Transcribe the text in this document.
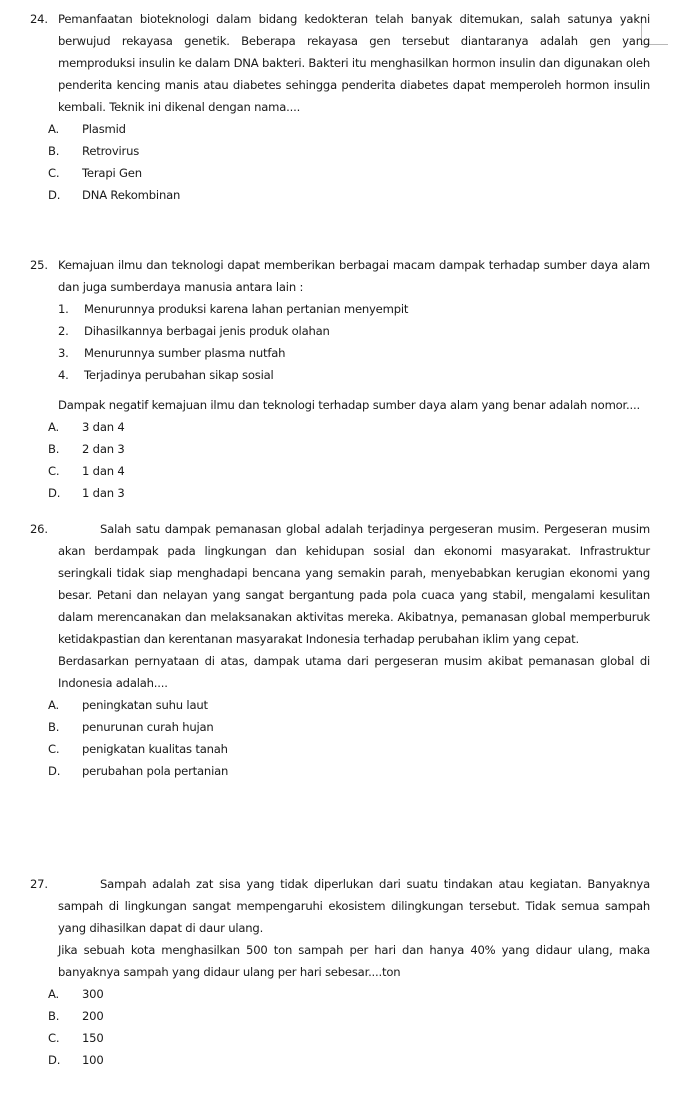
24. Pemanfaatan bioteknologi dalam bidang kedokteran telah banyak ditemukan, salah satunya yakni berwujud rekayasa genetik. Beberapa rekayasa gen tersebut diantaranya adalah gen yang memproduksi insulin ke dalam DNA bakteri. Bakteri itu menghasilkan hormon insulin dan digunakan oleh penderita kencing manis atau diabetes sehingga penderita diabetes dapat memperoleh hormon insulin kembali. Teknik ini dikenal dengan nama....
A.	Plasmid
B.	Retrovirus
C.	Terapi Gen
D.	DNA Rekombinan
25. Kemajuan ilmu dan teknologi dapat memberikan berbagai macam dampak terhadap sumber daya alam dan juga sumberdaya manusia antara lain :
1.	Menurunnya produksi karena lahan pertanian menyempit
2.	Dihasilkannya berbagai jenis produk olahan
3.	Menurunnya sumber plasma nutfah
4.	Terjadinya perubahan sikap sosial
Dampak negatif kemajuan ilmu dan teknologi terhadap sumber daya alam yang benar adalah nomor....
A.	3 dan 4
B.	2 dan 3
C.	1 dan 4
D.	1 dan 3
26.	Salah satu dampak pemanasan global adalah terjadinya pergeseran musim. Pergeseran musim akan berdampak pada lingkungan dan kehidupan sosial dan ekonomi masyarakat. Infrastruktur seringkali tidak siap menghadapi bencana yang semakin parah, menyebabkan kerugian ekonomi yang besar. Petani dan nelayan yang sangat bergantung pada pola cuaca yang stabil, mengalami kesulitan dalam merencanakan dan melaksanakan aktivitas mereka. Akibatnya, pemanasan global memperburuk ketidakpastian dan kerentanan masyarakat Indonesia terhadap perubahan iklim yang cepat.
Berdasarkan pernyataan di atas, dampak utama dari pergeseran musim akibat pemanasan global di Indonesia adalah....
A.	peningkatan suhu laut
B.	penurunan curah hujan
C.	penigkatan kualitas tanah
D.	perubahan pola pertanian
27.	Sampah adalah zat sisa yang tidak diperlukan dari suatu tindakan atau kegiatan. Banyaknya sampah di lingkungan sangat mempengaruhi ekosistem dilingkungan tersebut. Tidak semua sampah yang dihasilkan dapat di daur ulang.
Jika sebuah kota menghasilkan 500 ton sampah per hari dan hanya 40% yang didaur ulang, maka banyaknya sampah yang didaur ulang per hari sebesar....ton
A.	300
B.	200
C.	150
D.	100
